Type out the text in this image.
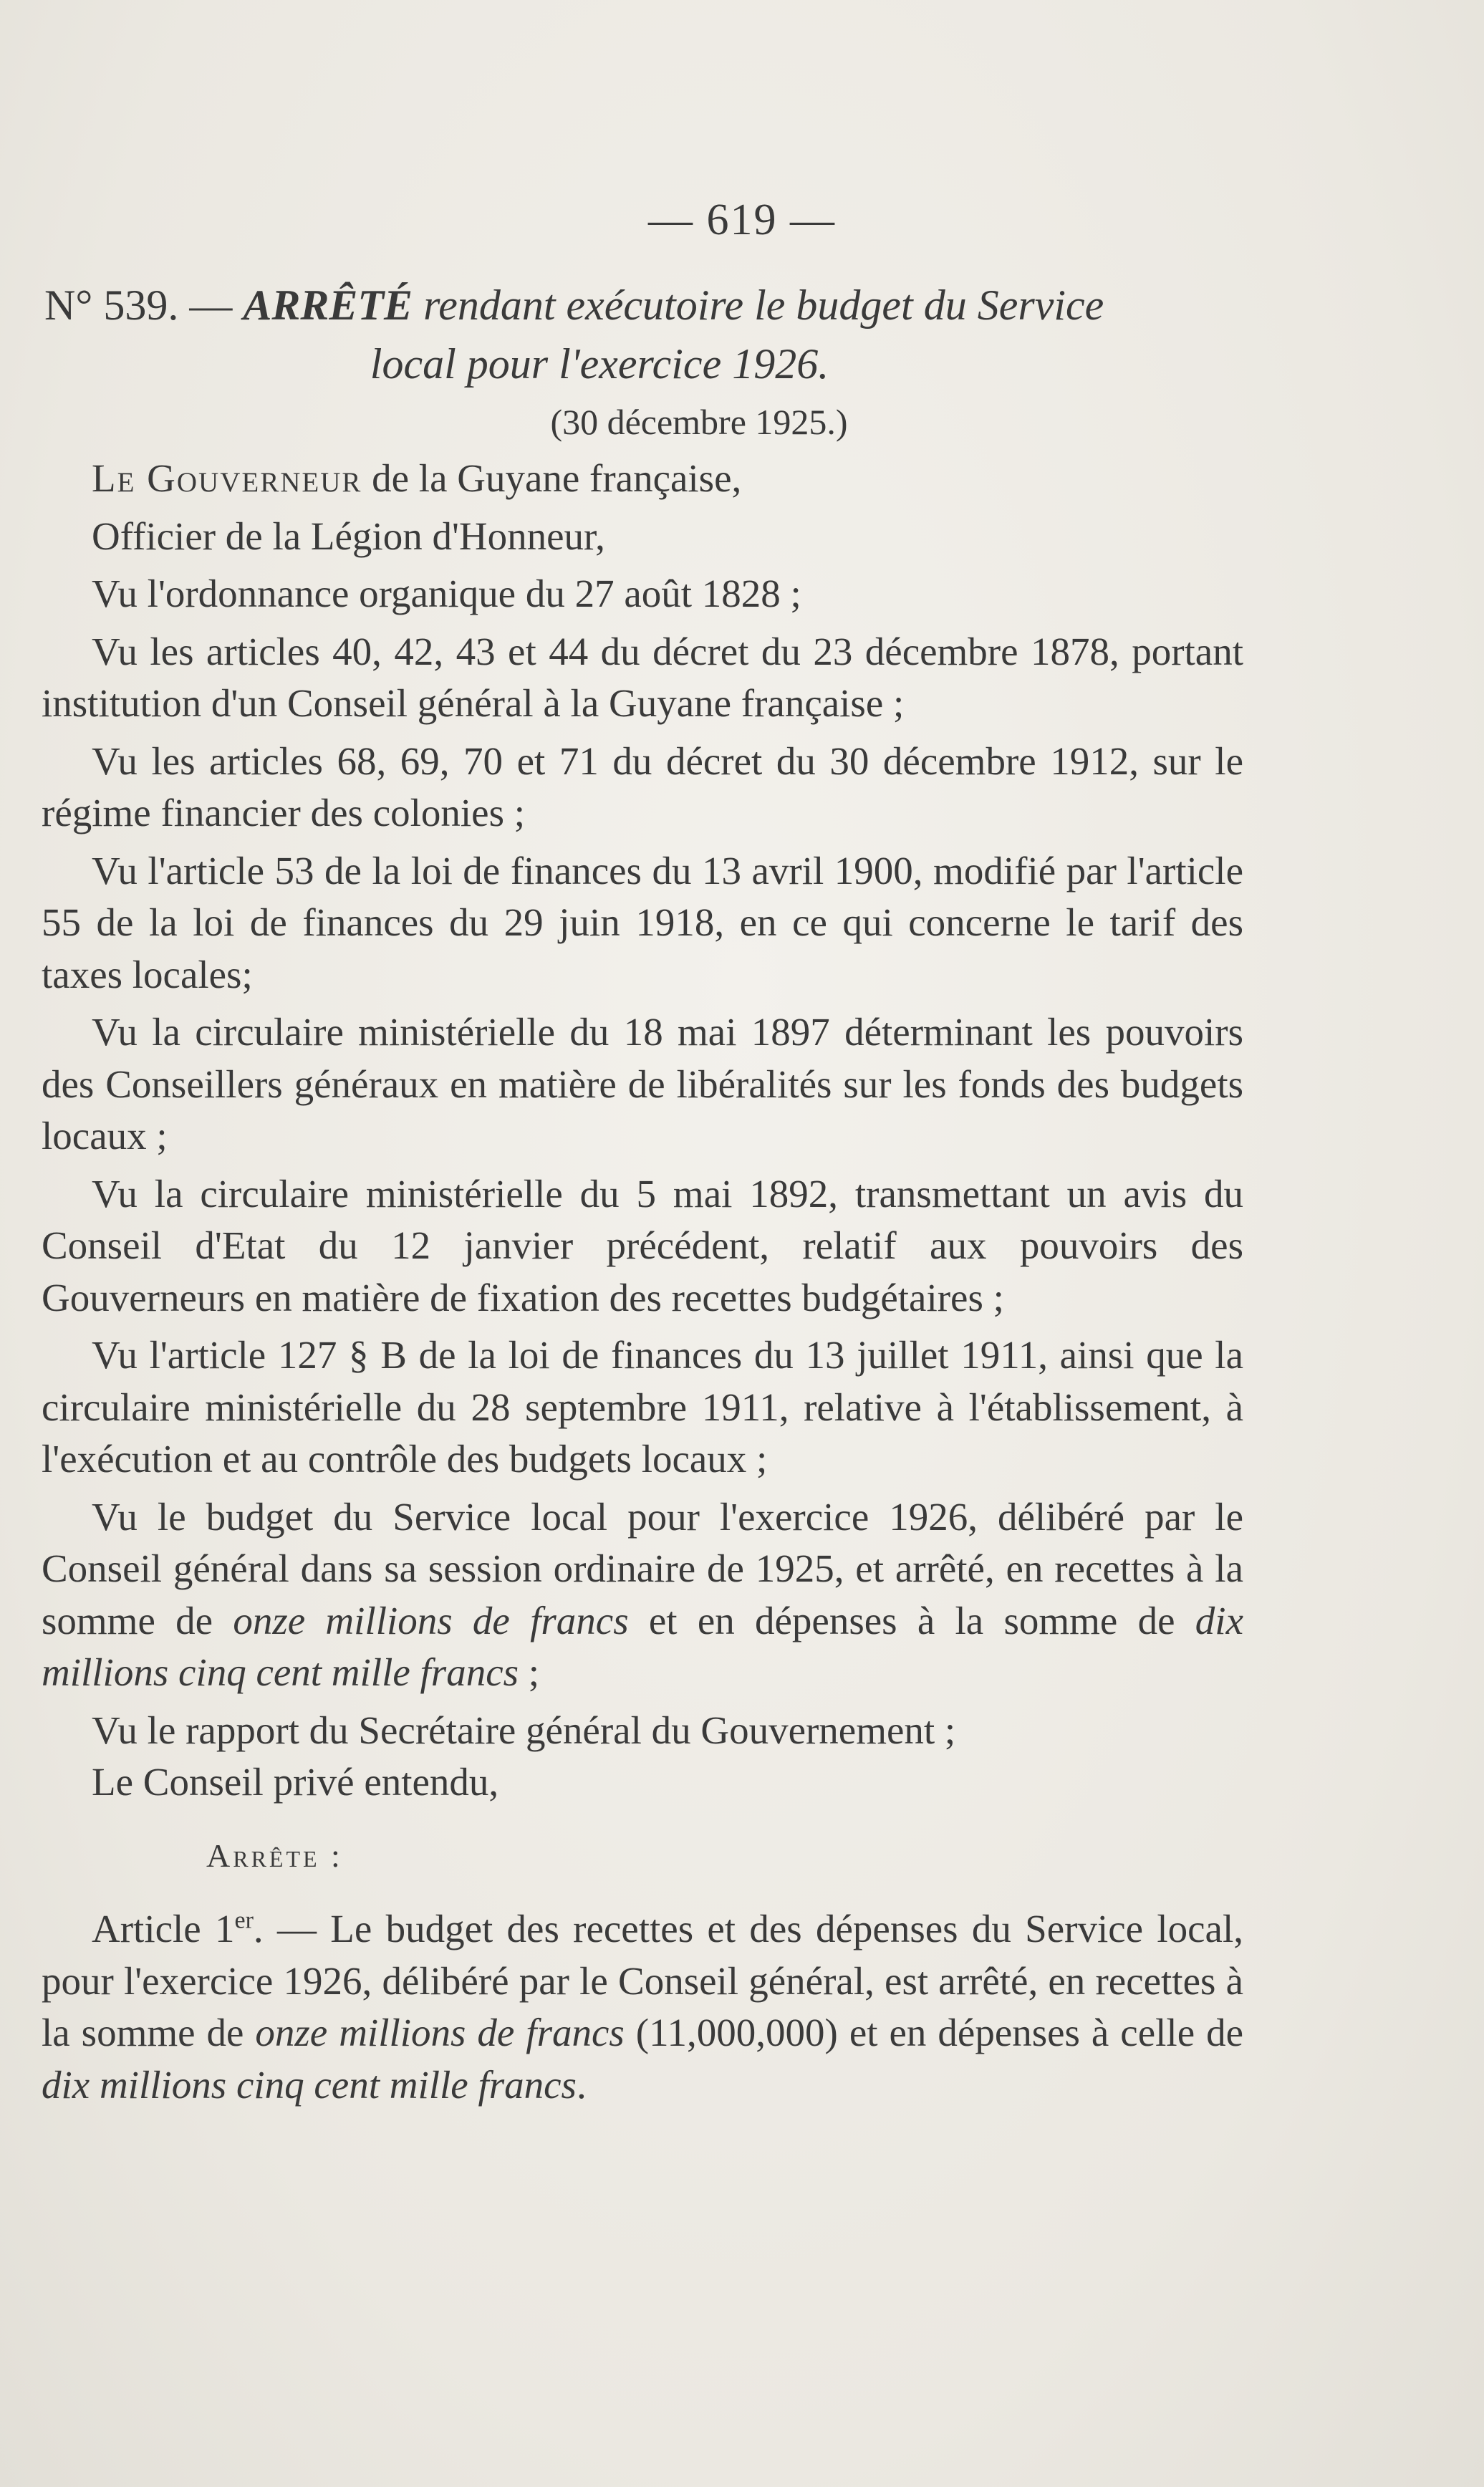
— 619 —
N° 539. — ARRÊTÉ rendant exécutoire le budget du Service
local pour l'exercice 1926.
(30 décembre 1925.)

Le Gouverneur de la Guyane française,

Officier de la Légion d'Honneur,

Vu l'ordonnance organique du 27 août 1828 ;

Vu les articles 40, 42, 43 et 44 du décret du 23 décembre 1878, portant institution d'un Conseil général à la Guyane française ;

Vu les articles 68, 69, 70 et 71 du décret du 30 décembre 1912, sur le régime financier des colonies ;

Vu l'article 53 de la loi de finances du 13 avril 1900, modifié par l'article 55 de la loi de finances du 29 juin 1918, en ce qui concerne le tarif des taxes locales;

Vu la circulaire ministérielle du 18 mai 1897 déterminant les pouvoirs des Conseillers généraux en matière de libéralités sur les fonds des budgets locaux ;

Vu la circulaire ministérielle du 5 mai 1892, transmettant un avis du Conseil d'Etat du 12 janvier précédent, relatif aux pouvoirs des Gouverneurs en matière de fixation des recettes budgétaires ;

Vu l'article 127 § B de la loi de finances du 13 juillet 1911, ainsi que la circulaire ministérielle du 28 septembre 1911, relative à l'établissement, à l'exécution et au contrôle des budgets locaux ;

Vu le budget du Service local pour l'exercice 1926, délibéré par le Conseil général dans sa session ordinaire de 1925, et arrêté, en recettes à la somme de onze millions de francs et en dépenses à la somme de dix millions cinq cent mille francs ;

Vu le rapport du Secrétaire général du Gouvernement ;

Le Conseil privé entendu,

Arrête :

Article 1er. — Le budget des recettes et des dépenses du Service local, pour l'exercice 1926, délibéré par le Conseil général, est arrêté, en recettes à la somme de onze millions de francs (11,000,000) et en dépenses à celle de dix millions cinq cent mille francs.
